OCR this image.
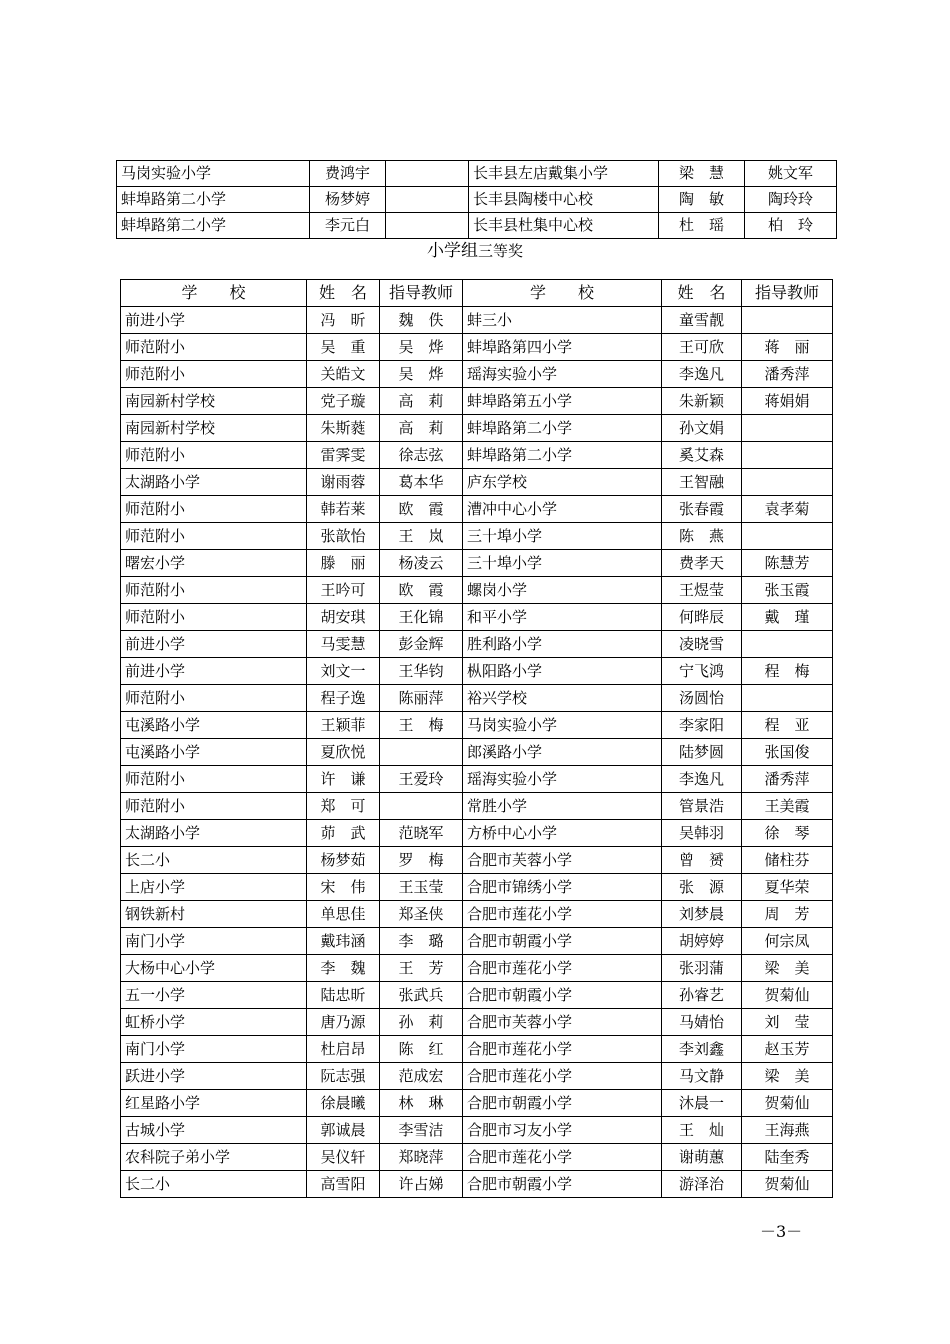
马岗实验小学	费鸿宇		长丰县左店戴集小学	梁　慧	姚文军
蚌埠路第二小学	杨梦婷		长丰县陶楼中心校	陶　敏	陶玲玲
蚌埠路第二小学	李元白		长丰县杜集中心校	杜　瑶	柏　玲
小学组三等奖
学　　校	姓　名	指导教师	学　　校	姓　名	指导教师
前进小学	冯　昕	魏　佚	蚌三小	童雪靓	
师范附小	吴　重	吴　烨	蚌埠路第四小学	王可欣	蒋　丽
师范附小	关皓文	吴　烨	瑶海实验小学	李逸凡	潘秀萍
南园新村学校	党子璇	高　莉	蚌埠路第五小学	朱新颖	蒋娟娟
南园新村学校	朱斯蕤	高　莉	蚌埠路第二小学	孙文娟	
师范附小	雷霁雯	徐志弦	蚌埠路第二小学	奚艾森	
太湖路小学	谢雨蓉	葛本华	庐东学校	王智融	
师范附小	韩若莱	欧　霞	漕冲中心小学	张春霞	袁孝菊
师范附小	张歆怡	王　岚	三十埠小学	陈　燕	
曙宏小学	滕　丽	杨凌云	三十埠小学	费孝天	陈慧芳
师范附小	王吟可	欧　霞	螺岗小学	王煜莹	张玉霞
师范附小	胡安琪	王化锦	和平小学	何晔辰	戴　瑾
前进小学	马雯慧	彭金辉	胜利路小学	凌晓雪	
前进小学	刘文一	王华钧	枞阳路小学	宁飞鸿	程　梅
师范附小	程子逸	陈丽萍	裕兴学校	汤圆怡	
屯溪路小学	王颖菲	王　梅	马岗实验小学	李家阳	程　亚
屯溪路小学	夏欣悦		郎溪路小学	陆梦圆	张国俊
师范附小	许　谦	王爱玲	瑶海实验小学	李逸凡	潘秀萍
师范附小	郑　可		常胜小学	管景浩	王美霞
太湖路小学	茆　武	范晓军	方桥中心小学	吴韩羽	徐　琴
长二小	杨梦茹	罗　梅	合肥市芙蓉小学	曾　赟	储柱芬
上店小学	宋　伟	王玉莹	合肥市锦绣小学	张　源	夏华荣
钢铁新村	单思佳	郑圣侠	合肥市莲花小学	刘梦晨	周　芳
南门小学	戴玮涵	李　璐	合肥市朝霞小学	胡婷婷	何宗凤
大杨中心小学	李　魏	王　芳	合肥市莲花小学	张羽蒲	梁　美
五一小学	陆忠昕	张武兵	合肥市朝霞小学	孙睿艺	贺菊仙
虹桥小学	唐乃源	孙　莉	合肥市芙蓉小学	马婧怡	刘　莹
南门小学	杜启昂	陈　红	合肥市莲花小学	李刘鑫	赵玉芳
跃进小学	阮志强	范成宏	合肥市莲花小学	马文静	梁　美
红星路小学	徐晨曦	林　琳	合肥市朝霞小学	沐晨一	贺菊仙
古城小学	郭诚晨	李雪洁	合肥市习友小学	王　灿	王海燕
农科院子弟小学	吴仪轩	郑晓萍	合肥市莲花小学	谢萌蕙	陆奎秀
长二小	高雪阳	许占娣	合肥市朝霞小学	游泽治	贺菊仙
－3－
